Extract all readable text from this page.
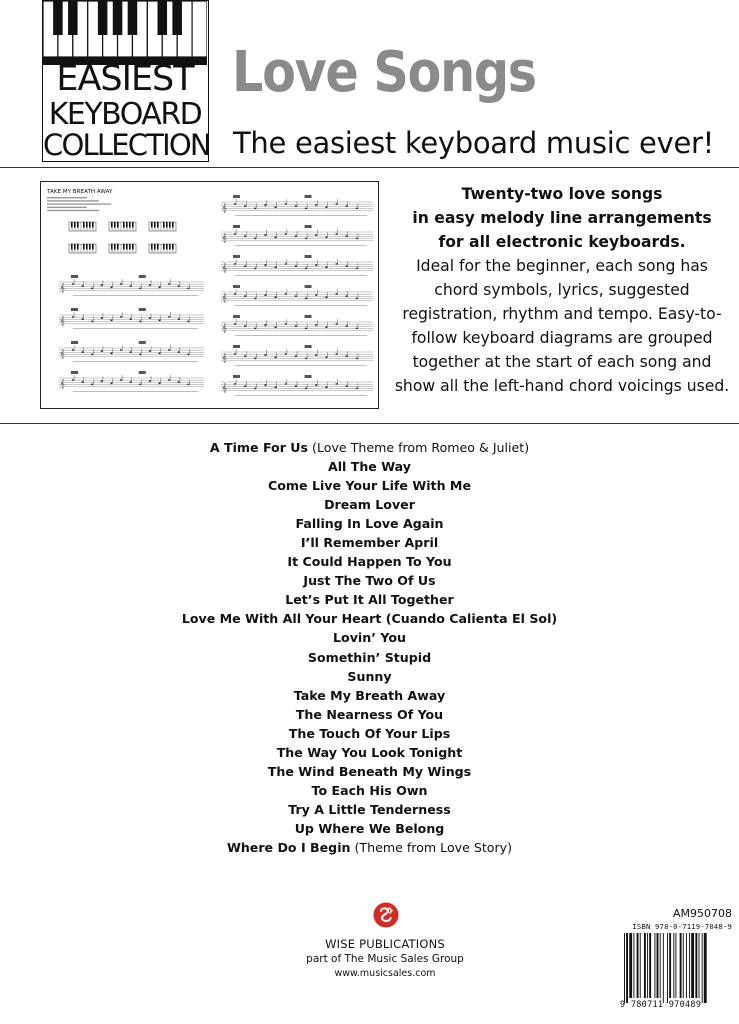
EASIEST
KEYBOARD
COLLECTION
Love Songs
The easiest keyboard music ever!
TAKE MY BREATH AWAY
𝄞
𝄞
𝄞
𝄞
𝄞
𝄞
𝄞
𝄞
𝄞
𝄞
𝄞
Twenty-two love songs
in easy melody line arrangements
for all electronic keyboards.
Ideal for the beginner, each song has
chord symbols, lyrics, suggested
registration, rhythm and tempo. Easy-to-
follow keyboard diagrams are grouped
together at the start of each song and
show all the left-hand chord voicings used.
A Time For Us (Love Theme from Romeo & Juliet)
All The Way
Come Live Your Life With Me
Dream Lover
Falling In Love Again
I’ll Remember April
It Could Happen To You
Just The Two Of Us
Let’s Put It All Together
Love Me With All Your Heart (Cuando Calienta El Sol)
Lovin’ You
Somethin’ Stupid
Sunny
Take My Breath Away
The Nearness Of You
The Touch Of Your Lips
The Way You Look Tonight
The Wind Beneath My Wings
To Each His Own
Try A Little Tenderness
Up Where We Belong
Where Do I Begin (Theme from Love Story)
WISE PUBLICATIONS
part of The Music Sales Group
www.musicsales.com
AM950708
ISBN 978-0-7119-7048-9
9 780711 970489
